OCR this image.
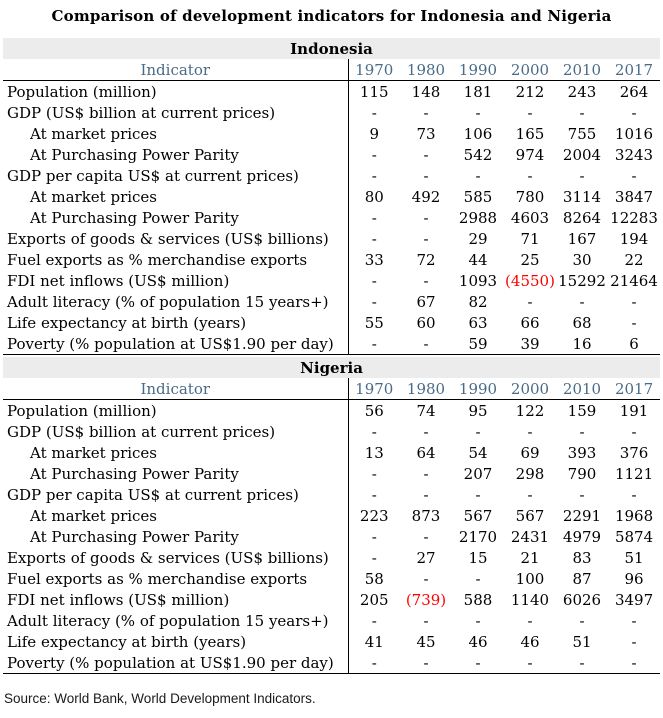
Comparison of development indicators for Indonesia and Nigeria
Indonesia						
Indicator	1970	1980	1990	2000	2010	2017
Population (million)	115	148	181	212	243	264
GDP (US$ billion at current prices)	-	-	-	-	-	-
At market prices	9	73	106	165	755	1016
At Purchasing Power Parity	-	-	542	974	2004	3243
GDP per capita US$ at current prices)	-	-	-	-	-	-
At market prices	80	492	585	780	3114	3847
At Purchasing Power Parity	-	-	2988	4603	8264	12283
Exports of goods & services (US$ billions)	-	-	29	71	167	194
Fuel exports as % merchandise exports	33	72	44	25	30	22
FDI net inflows (US$ million)	-	-	1093	(4550)	15292	21464
Adult literacy (% of population 15 years+)	-	67	82	-	-	-
Life expectancy at birth (years)	55	60	63	66	68	-
Poverty (% population at US$1.90 per day)	-	-	59	39	16	6
Nigeria						
Indicator	1970	1980	1990	2000	2010	2017
Population (million)	56	74	95	122	159	191
GDP (US$ billion at current prices)	-	-	-	-	-	-
At market prices	13	64	54	69	393	376
At Purchasing Power Parity	-	-	207	298	790	1121
GDP per capita US$ at current prices)	-	-	-	-	-	-
At market prices	223	873	567	567	2291	1968
At Purchasing Power Parity	-	-	2170	2431	4979	5874
Exports of goods & services (US$ billions)	-	27	15	21	83	51
Fuel exports as % merchandise exports	58	-	-	100	87	96
FDI net inflows (US$ million)	205	(739)	588	1140	6026	3497
Adult literacy (% of population 15 years+)	-	-	-	-	-	-
Life expectancy at birth (years)	41	45	46	46	51	-
Poverty (% population at US$1.90 per day)	-	-	-	-	-	-
Source: World Bank, World Development Indicators.
